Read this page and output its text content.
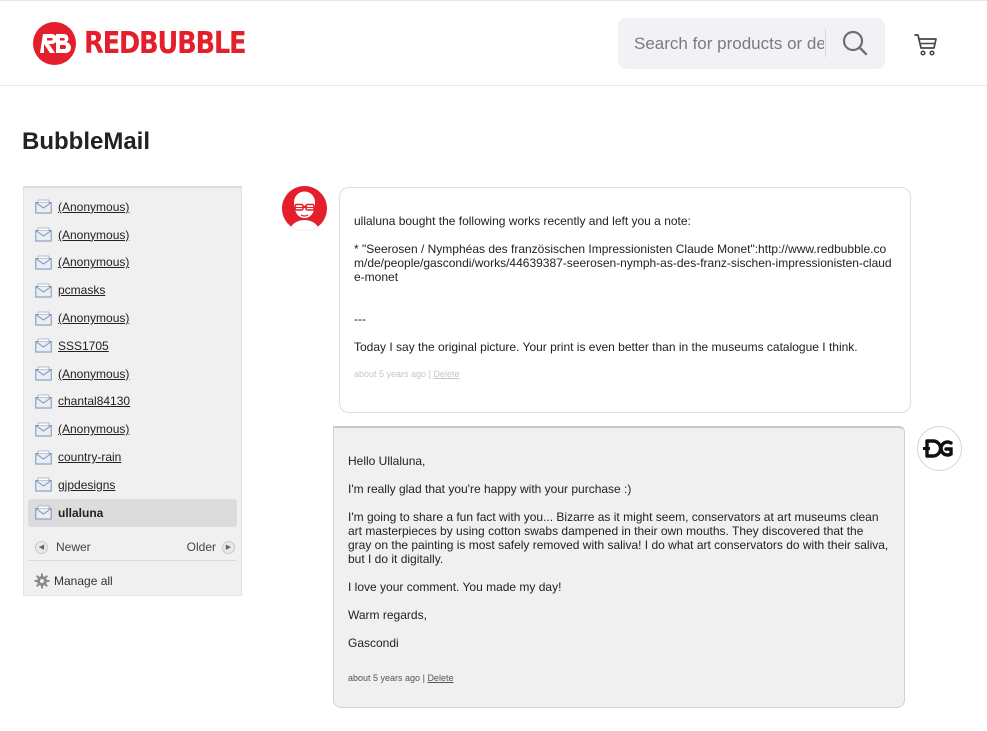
REDBUBBLE
Search for products or designs
BubbleMail
(Anonymous)
(Anonymous)
(Anonymous)
pcmasks
(Anonymous)
SSS1705
(Anonymous)
chantal84130
(Anonymous)
country-rain
gjpdesigns
ullaluna
◀ Newer	Older	▶
Manage all

ullaluna bought the following works recently and left you a note:

* "Seerosen / Nymphéas des französischen Impressionisten Claude Monet":http://www.redbubble.com/de/people/gascondi/works/44639387-seerosen-nymph-as-des-franz-sischen-impressionisten-claude-monet

---

Today I say the original picture. Your print is even better than in the museums catalogue I think.

about 5 years ago | Delete

Hello Ullaluna,

I'm really glad that you're happy with your purchase :)

I'm going to share a fun fact with you... Bizarre as it might seem, conservators at art museums clean art masterpieces by using cotton swabs dampened in their own mouths. They discovered that the gray on the painting is most safely removed with saliva! I do what art conservators do with their saliva, but I do it digitally.

I love your comment. You made my day!

Warm regards,

Gascondi

about 5 years ago | Delete
